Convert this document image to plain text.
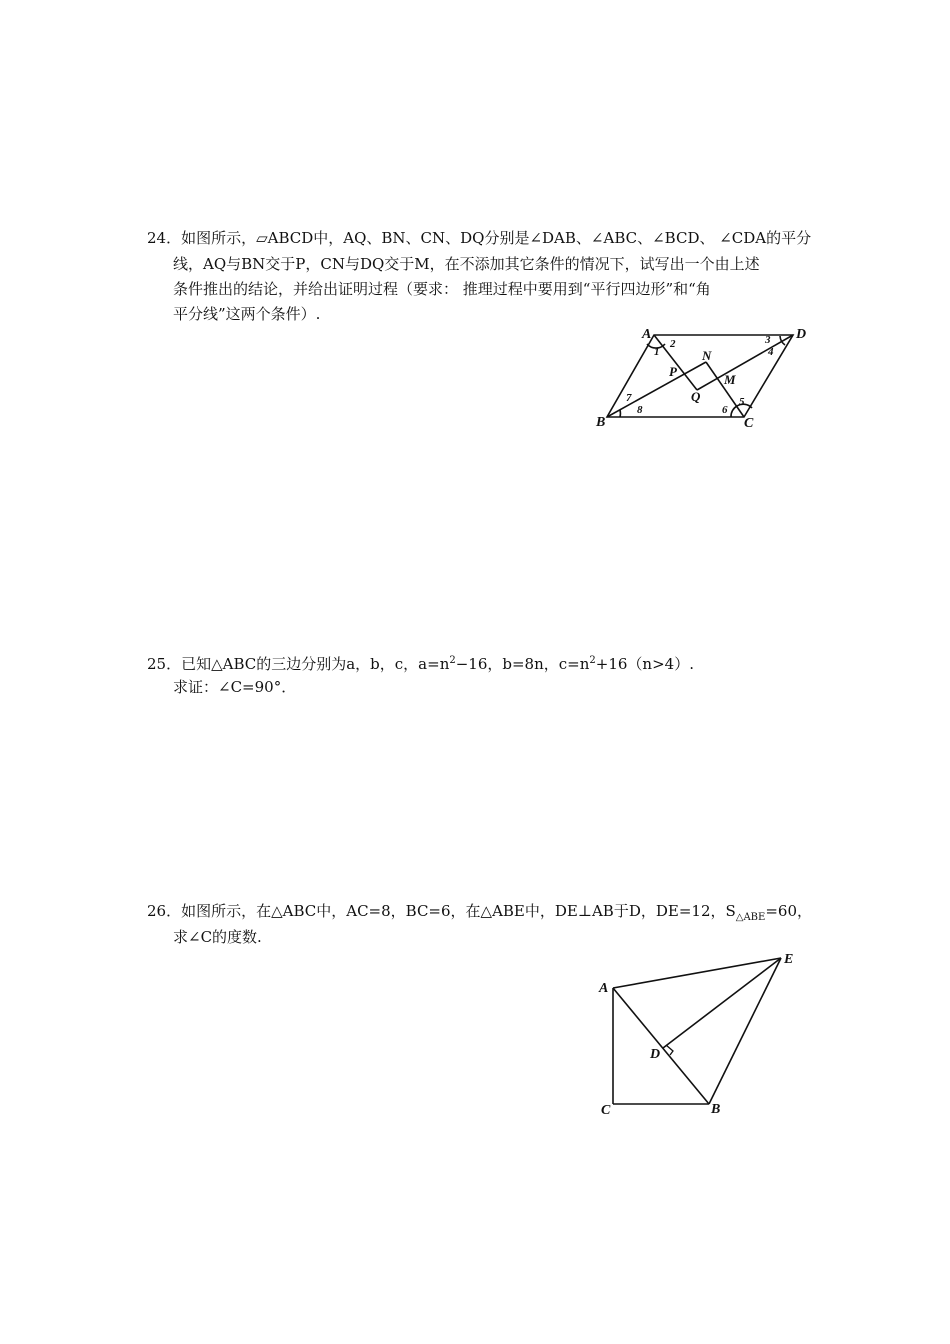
24．如图所示，▱ABCD中，AQ、BN、CN、DQ分别是∠DAB、∠ABC、∠BCD、 ∠CDA的平分
线，AQ与BN交于P，CN与DQ交于M，在不添加其它条件的情况下，试写出一个由上述
条件推出的结论，并给出证明过程（要求： 推理过程中要用到“平行四边形”和“角
平分线”这两个条件）.
A	D
B	C
N
P
Q
M
1
2	3
4
5
6
7
8
25．已知△ABC的三边分别为a，b，c，$a=n^2-16$，b=8n，$c=n^2+16(n>4)$.
求证：∠C=90°．
26．如图所示，在△ABC中，AC=8，BC=6，在△ABE中，DE⊥AB于D，DE=12，$S_{\triangle ABE}=60$，
求∠C的度数.
A
E
D
C	B
